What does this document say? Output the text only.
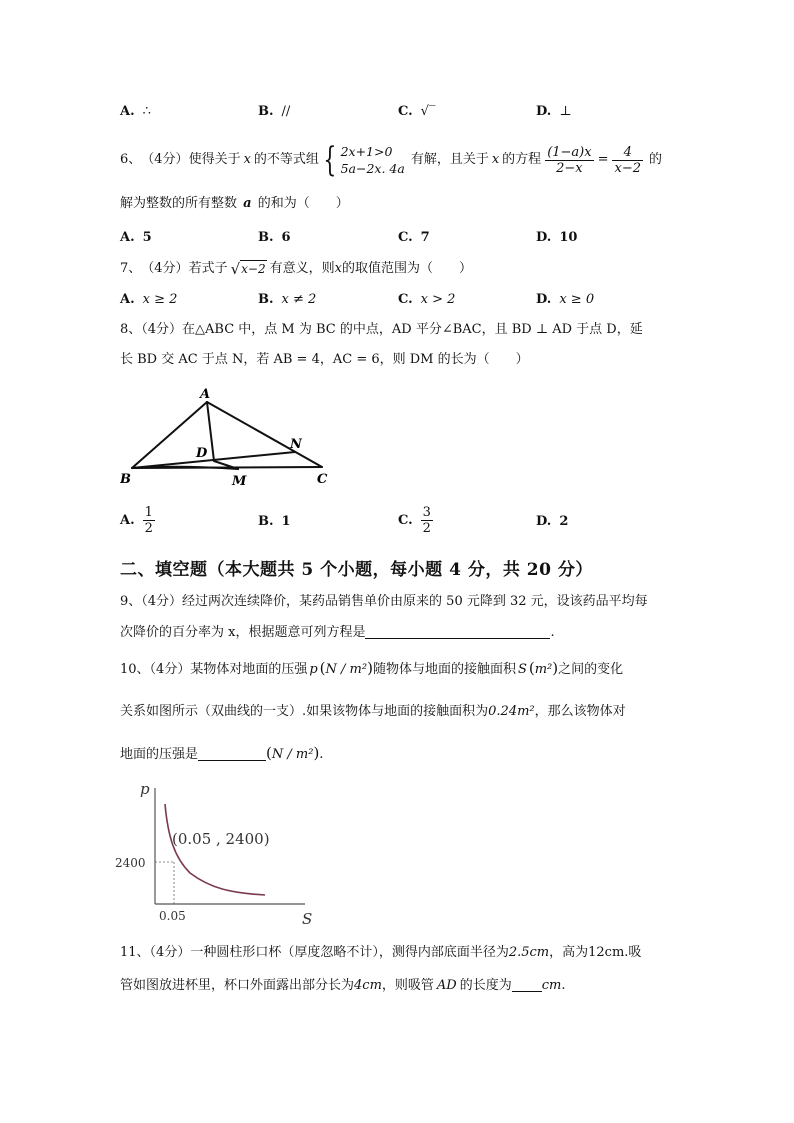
A. ∴	B. //	C. √‾	D. ⊥
6、 （4分） 使得关于 x 的不等式组 { 2x+1>0
5a−2x. 4a
有解，且关于 x 的方程 $\frac{(1-a)x}{2-x} = \frac{4}{x-2}$ 的
解为整数的所有整数 a 的和为（　　）
A. 5	B. 6	C. 7	D. 10
7、 （4分） 若式子 √ x−2 有意义，则 x 的取值范围为（　　）
A. x ≥ 2	B. x ≠ 2	C. x > 2	D. x ≥ 0
8、（4分）在△ABC 中，点 M 为 BC 的中点，AD 平分∠BAC，且 BD ⊥ AD 于点 D，延
长 BD 交 AC 于点 N，若 AB = 4，AC = 6，则 DM 的长为（　　）
A
B	C
D
M
N
A. $\frac{1}{2}$	B. 1	C. $\frac{3}{2}$	D. 2
二、填空题（本大题共 5 个小题，每小题 4 分，共 20 分）
9、（4分）经过两次连续降价，某药品销售单价由原来的 50 元降到 32 元，设该药品平均每
次降价的百分率为 x，根据题意可列方程是	.
10、（4分）某物体对地面的压强 p (N / m²)随物体与地面的接触面积 S (m²)之间的变化
关系如图所示（双曲线的一支）.如果该物体与地面的接触面积为0.24m²，那么该物体对
地面的压强是	(N / m²).
p
S
(0.05 , 2400)
2400
0.05
11、（4分）一种圆柱形口杯（厚度忽略不计），测得内部底面半径为2.5cm，高为12cm.吸
管如图放进杯里，杯口外面露出部分长为4cm，则吸管 AD 的长度为 cm.
